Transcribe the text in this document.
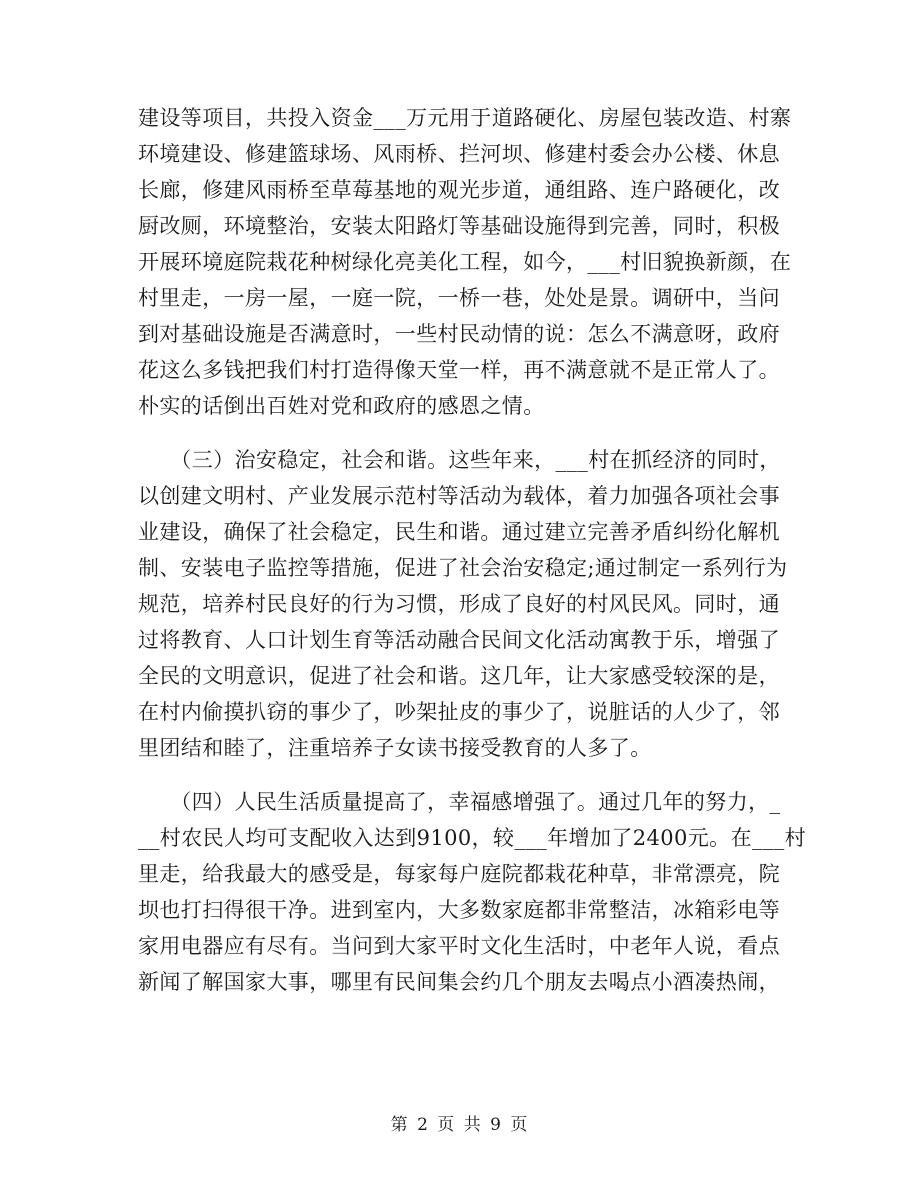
建设等项目，共投入资金___万元用于道路硬化、房屋包装改造、村寨
环境建设、修建篮球场、风雨桥、拦河坝、修建村委会办公楼、休息
长廊，修建风雨桥至草莓基地的观光步道，通组路、连户路硬化，改
厨改厕，环境整治，安装太阳路灯等基础设施得到完善，同时，积极
开展环境庭院栽花种树绿化亮美化工程，如今，___村旧貌换新颜，在
村里走，一房一屋，一庭一院，一桥一巷，处处是景。调研中，当问
到对基础设施是否满意时，一些村民动情的说：怎么不满意呀，政府
花这么多钱把我们村打造得像天堂一样，再不满意就不是正常人了。
朴实的话倒出百姓对党和政府的感恩之情。
　　（三）治安稳定，社会和谐。这些年来，___村在抓经济的同时，
以创建文明村、产业发展示范村等活动为载体，着力加强各项社会事
业建设，确保了社会稳定，民生和谐。通过建立完善矛盾纠纷化解机
制、安装电子监控等措施，促进了社会治安稳定;通过制定一系列行为
规范，培养村民良好的行为习惯，形成了良好的村风民风。同时，通
过将教育、人口计划生育等活动融合民间文化活动寓教于乐，增强了
全民的文明意识，促进了社会和谐。这几年，让大家感受较深的是，
在村内偷摸扒窃的事少了，吵架扯皮的事少了，说脏话的人少了，邻
里团结和睦了，注重培养子女读书接受教育的人多了。
　　（四）人民生活质量提高了，幸福感增强了。通过几年的努力，_
__村农民人均可支配收入达到9100，较___年增加了2400元。在___村
里走，给我最大的感受是，每家每户庭院都栽花种草，非常漂亮，院
坝也打扫得很干净。进到室内，大多数家庭都非常整洁，冰箱彩电等
家用电器应有尽有。当问到大家平时文化生活时，中老年人说，看点
新闻了解国家大事，哪里有民间集会约几个朋友去喝点小酒凑热闹，
第 2 页 共 9 页
